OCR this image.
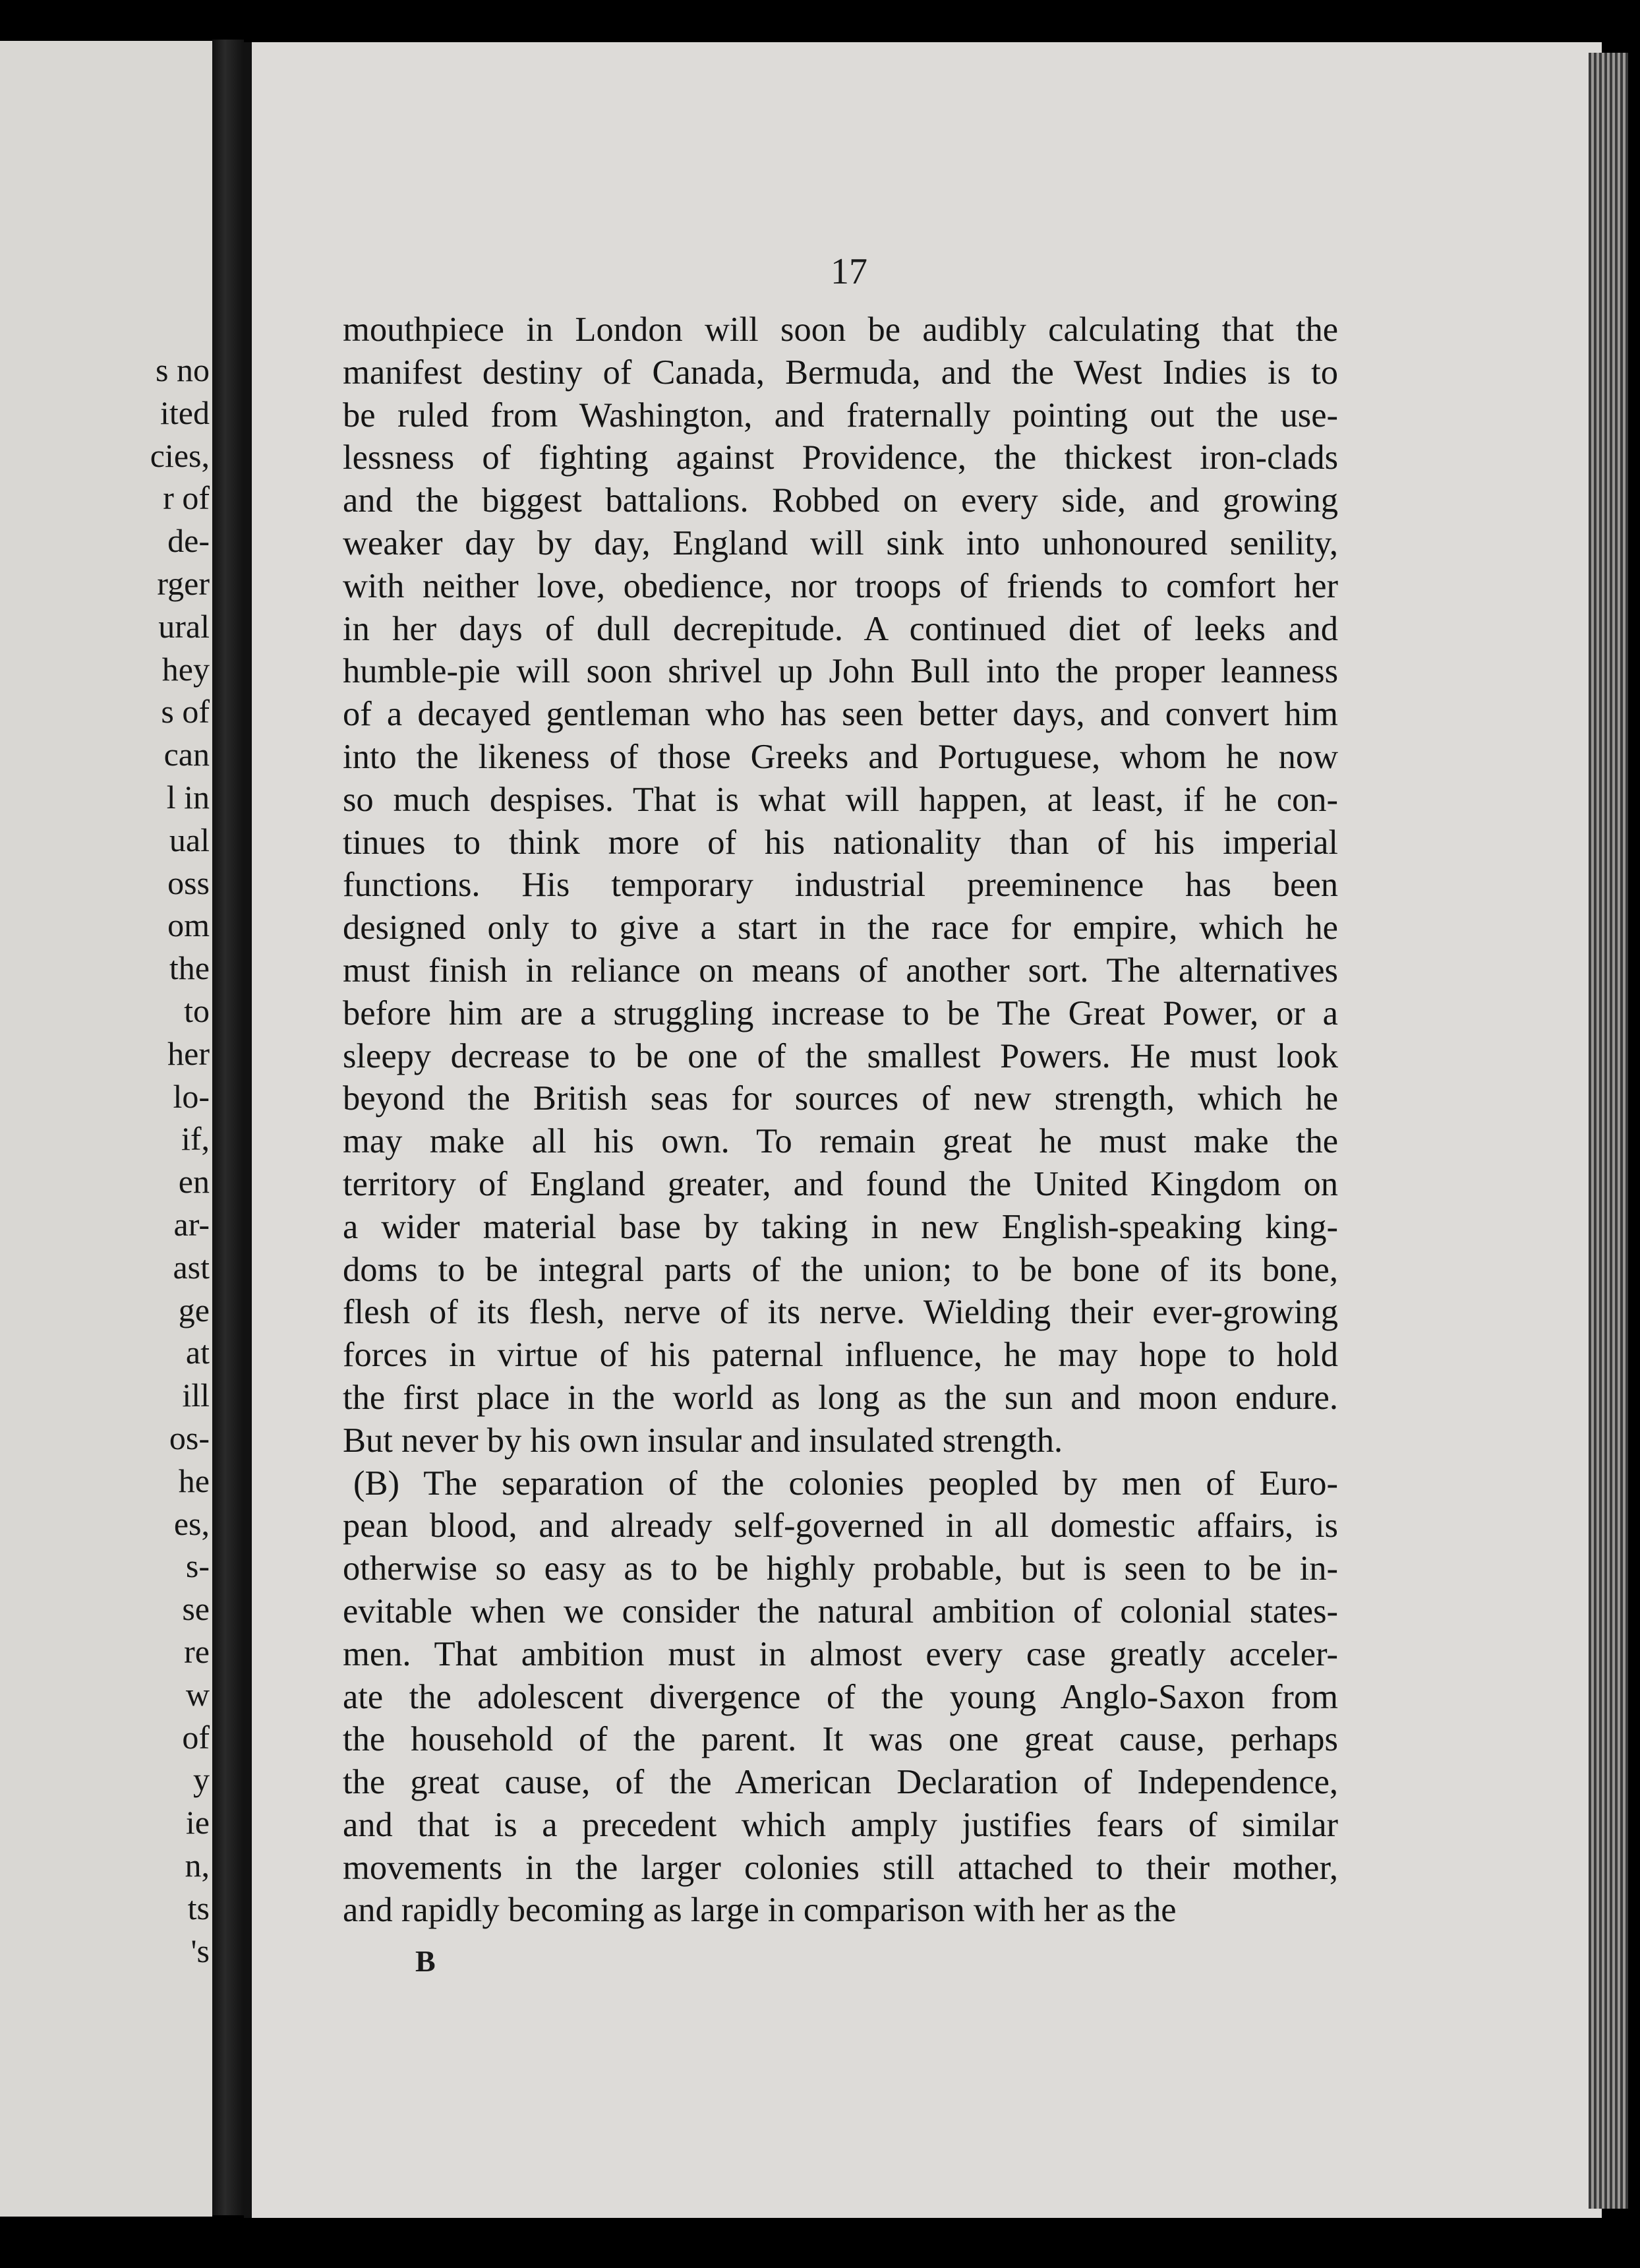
s no
ited
cies,
r of
de-
rger
ural
hey
s of
can
l in
ual
oss
om
the
to
her
lo-
if,
en
ar-
ast
ge
at
ill
os-
he
es,
s-
se
re
w
of
y
ie
n,
ts
's
17
mouthpiece in London will soon be audibly calculating that the
manifest destiny of Canada, Bermuda, and the West Indies is to
be ruled from Washington, and fraternally pointing out the use-
lessness of fighting against Providence, the thickest iron-clads
and the biggest battalions. Robbed on every side, and growing
weaker day by day, England will sink into unhonoured senility,
with neither love, obedience, nor troops of friends to comfort her
in her days of dull decrepitude. A continued diet of leeks and
humble-pie will soon shrivel up John Bull into the proper leanness
of a decayed gentleman who has seen better days, and convert him
into the likeness of those Greeks and Portuguese, whom he now
so much despises. That is what will happen, at least, if he con-
tinues to think more of his nationality than of his imperial
functions. His temporary industrial preeminence has been
designed only to give a start in the race for empire, which he
must finish in reliance on means of another sort. The alternatives
before him are a struggling increase to be The Great Power, or a
sleepy decrease to be one of the smallest Powers. He must look
beyond the British seas for sources of new strength, which he
may make all his own. To remain great he must make the
territory of England greater, and found the United Kingdom on
a wider material base by taking in new English-speaking king-
doms to be integral parts of the union; to be bone of its bone,
flesh of its flesh, nerve of its nerve. Wielding their ever-growing
forces in virtue of his paternal influence, he may hope to hold
the first place in the world as long as the sun and moon endure.
But never by his own insular and insulated strength.
(B) The separation of the colonies peopled by men of Euro-
pean blood, and already self-governed in all domestic affairs, is
otherwise so easy as to be highly probable, but is seen to be in-
evitable when we consider the natural ambition of colonial states-
men. That ambition must in almost every case greatly acceler-
ate the adolescent divergence of the young Anglo-Saxon from
the household of the parent. It was one great cause, perhaps
the great cause, of the American Declaration of Independence,
and that is a precedent which amply justifies fears of similar
movements in the larger colonies still attached to their mother,
and rapidly becoming as large in comparison with her as the
B
